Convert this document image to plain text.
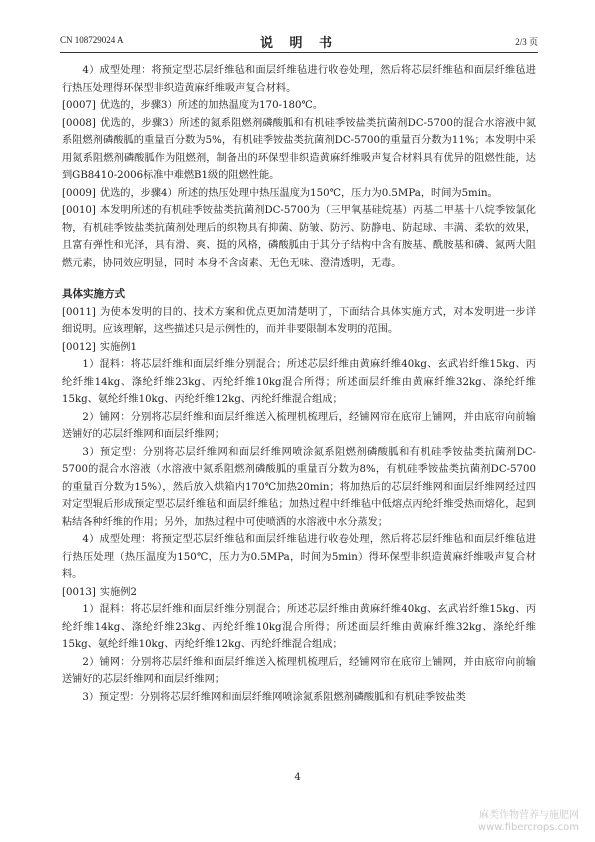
CN 108729024 A	说 明 书	2/3 页

4）成型处理：将预定型芯层纤维毡和面层纤维毡进行收卷处理，然后将芯层纤维毡和面层纤维毡进行热压处理得环保型非织造黄麻纤维吸声复合材料。

[0007] 优选的，步骤3）所述的加热温度为170-180℃。

[0008] 优选的，步骤3）所述的氮系阻燃剂磷酸胍和有机硅季铵盐类抗菌剂DC-5700的混合水溶液中氮系阻燃剂磷酸胍的重量百分数为5%，有机硅季铵盐类抗菌剂DC-5700的重量百分数为11%；本发明中采用氮系阻燃剂磷酸胍作为阻燃剂，制备出的环保型非织造黄麻纤维吸声复合材料具有优异的阻燃性能，达到GB8410-2006标准中难燃B1级的阻燃性能。

[0009] 优选的，步骤4）所述的热压处理中热压温度为150℃，压力为0.5MPa，时间为5min。

[0010] 本发明所述的有机硅季铵盐类抗菌剂DC-5700为（三甲氧基硅烷基）丙基二甲基十八烷季铵氯化物，有机硅季铵盐类抗菌剂处理后的织物具有抑菌、防皱、防污、防静电、防起球、丰满、柔软的效果，且富有弹性和光泽，具有滑、爽、挺的风格，磷酸胍由于其分子结构中含有胺基、酰胺基和磷、氮两大阻燃元素，协同效应明显，同时 本身不含卤素、无色无味、澄清透明，无毒。

具体实施方式

[0011] 为使本发明的目的、技术方案和优点更加清楚明了，下面结合具体实施方式，对本发明进一步详细说明。应该理解，这些描述只是示例性的，而并非要限制本发明的范围。

[0012] 实施例1

1）混料：将芯层纤维和面层纤维分别混合；所述芯层纤维由黄麻纤维40kg、玄武岩纤维15kg、丙纶纤维14kg、涤纶纤维23kg、丙纶纤维10kg混合所得；所述面层纤维由黄麻纤维32kg、涤纶纤维15kg、氨纶纤维10kg、丙纶纤维12kg、丙纶纤维混合组成；

2）铺网：分别将芯层纤维和面层纤维送入梳理机梳理后，经铺网帘在底帘上铺网，并由底帘向前输送铺好的芯层纤维网和面层纤维网；

3）预定型：分别将芯层纤维网和面层纤维网喷涂氮系阻燃剂磷酸胍和有机硅季铵盐类抗菌剂DC-5700的混合水溶液（水溶液中氮系阻燃剂磷酸胍的重量百分数为8%，有机硅季铵盐类抗菌剂DC-5700的重量百分数为15%），然后放入烘箱内170℃加热20min；将加热后的芯层纤维网和面层纤维网经过四对定型辊后形成预定型芯层纤维毡和面层纤维毡；加热过程中纤维毡中低熔点丙纶纤维受热而熔化，起到粘结各种纤维的作用；另外，加热过程中可使喷洒的水溶液中水分蒸发；

4）成型处理：将预定型芯层纤维毡和面层纤维毡进行收卷处理，然后将芯层纤维毡和面层纤维毡进行热压处理（热压温度为150℃，压力为0.5MPa，时间为5min）得环保型非织造黄麻纤维吸声复合材料。

[0013] 实施例2

1）混料：将芯层纤维和面层纤维分别混合；所述芯层纤维由黄麻纤维40kg、玄武岩纤维15kg、丙纶纤维14kg、涤纶纤维23kg、丙纶纤维10kg混合所得；所述面层纤维由黄麻纤维32kg、涤纶纤维15kg、氨纶纤维10kg、丙纶纤维12kg、丙纶纤维混合组成；

2）铺网：分别将芯层纤维和面层纤维送入梳理机梳理后，经铺网帘在底帘上铺网，并由底帘向前输送铺好的芯层纤维网和面层纤维网；

3）预定型：分别将芯层纤维网和面层纤维网喷涂氮系阻燃剂磷酸胍和有机硅季铵盐类

4
麻类作物营养与施肥网
www.fibercrops.com
